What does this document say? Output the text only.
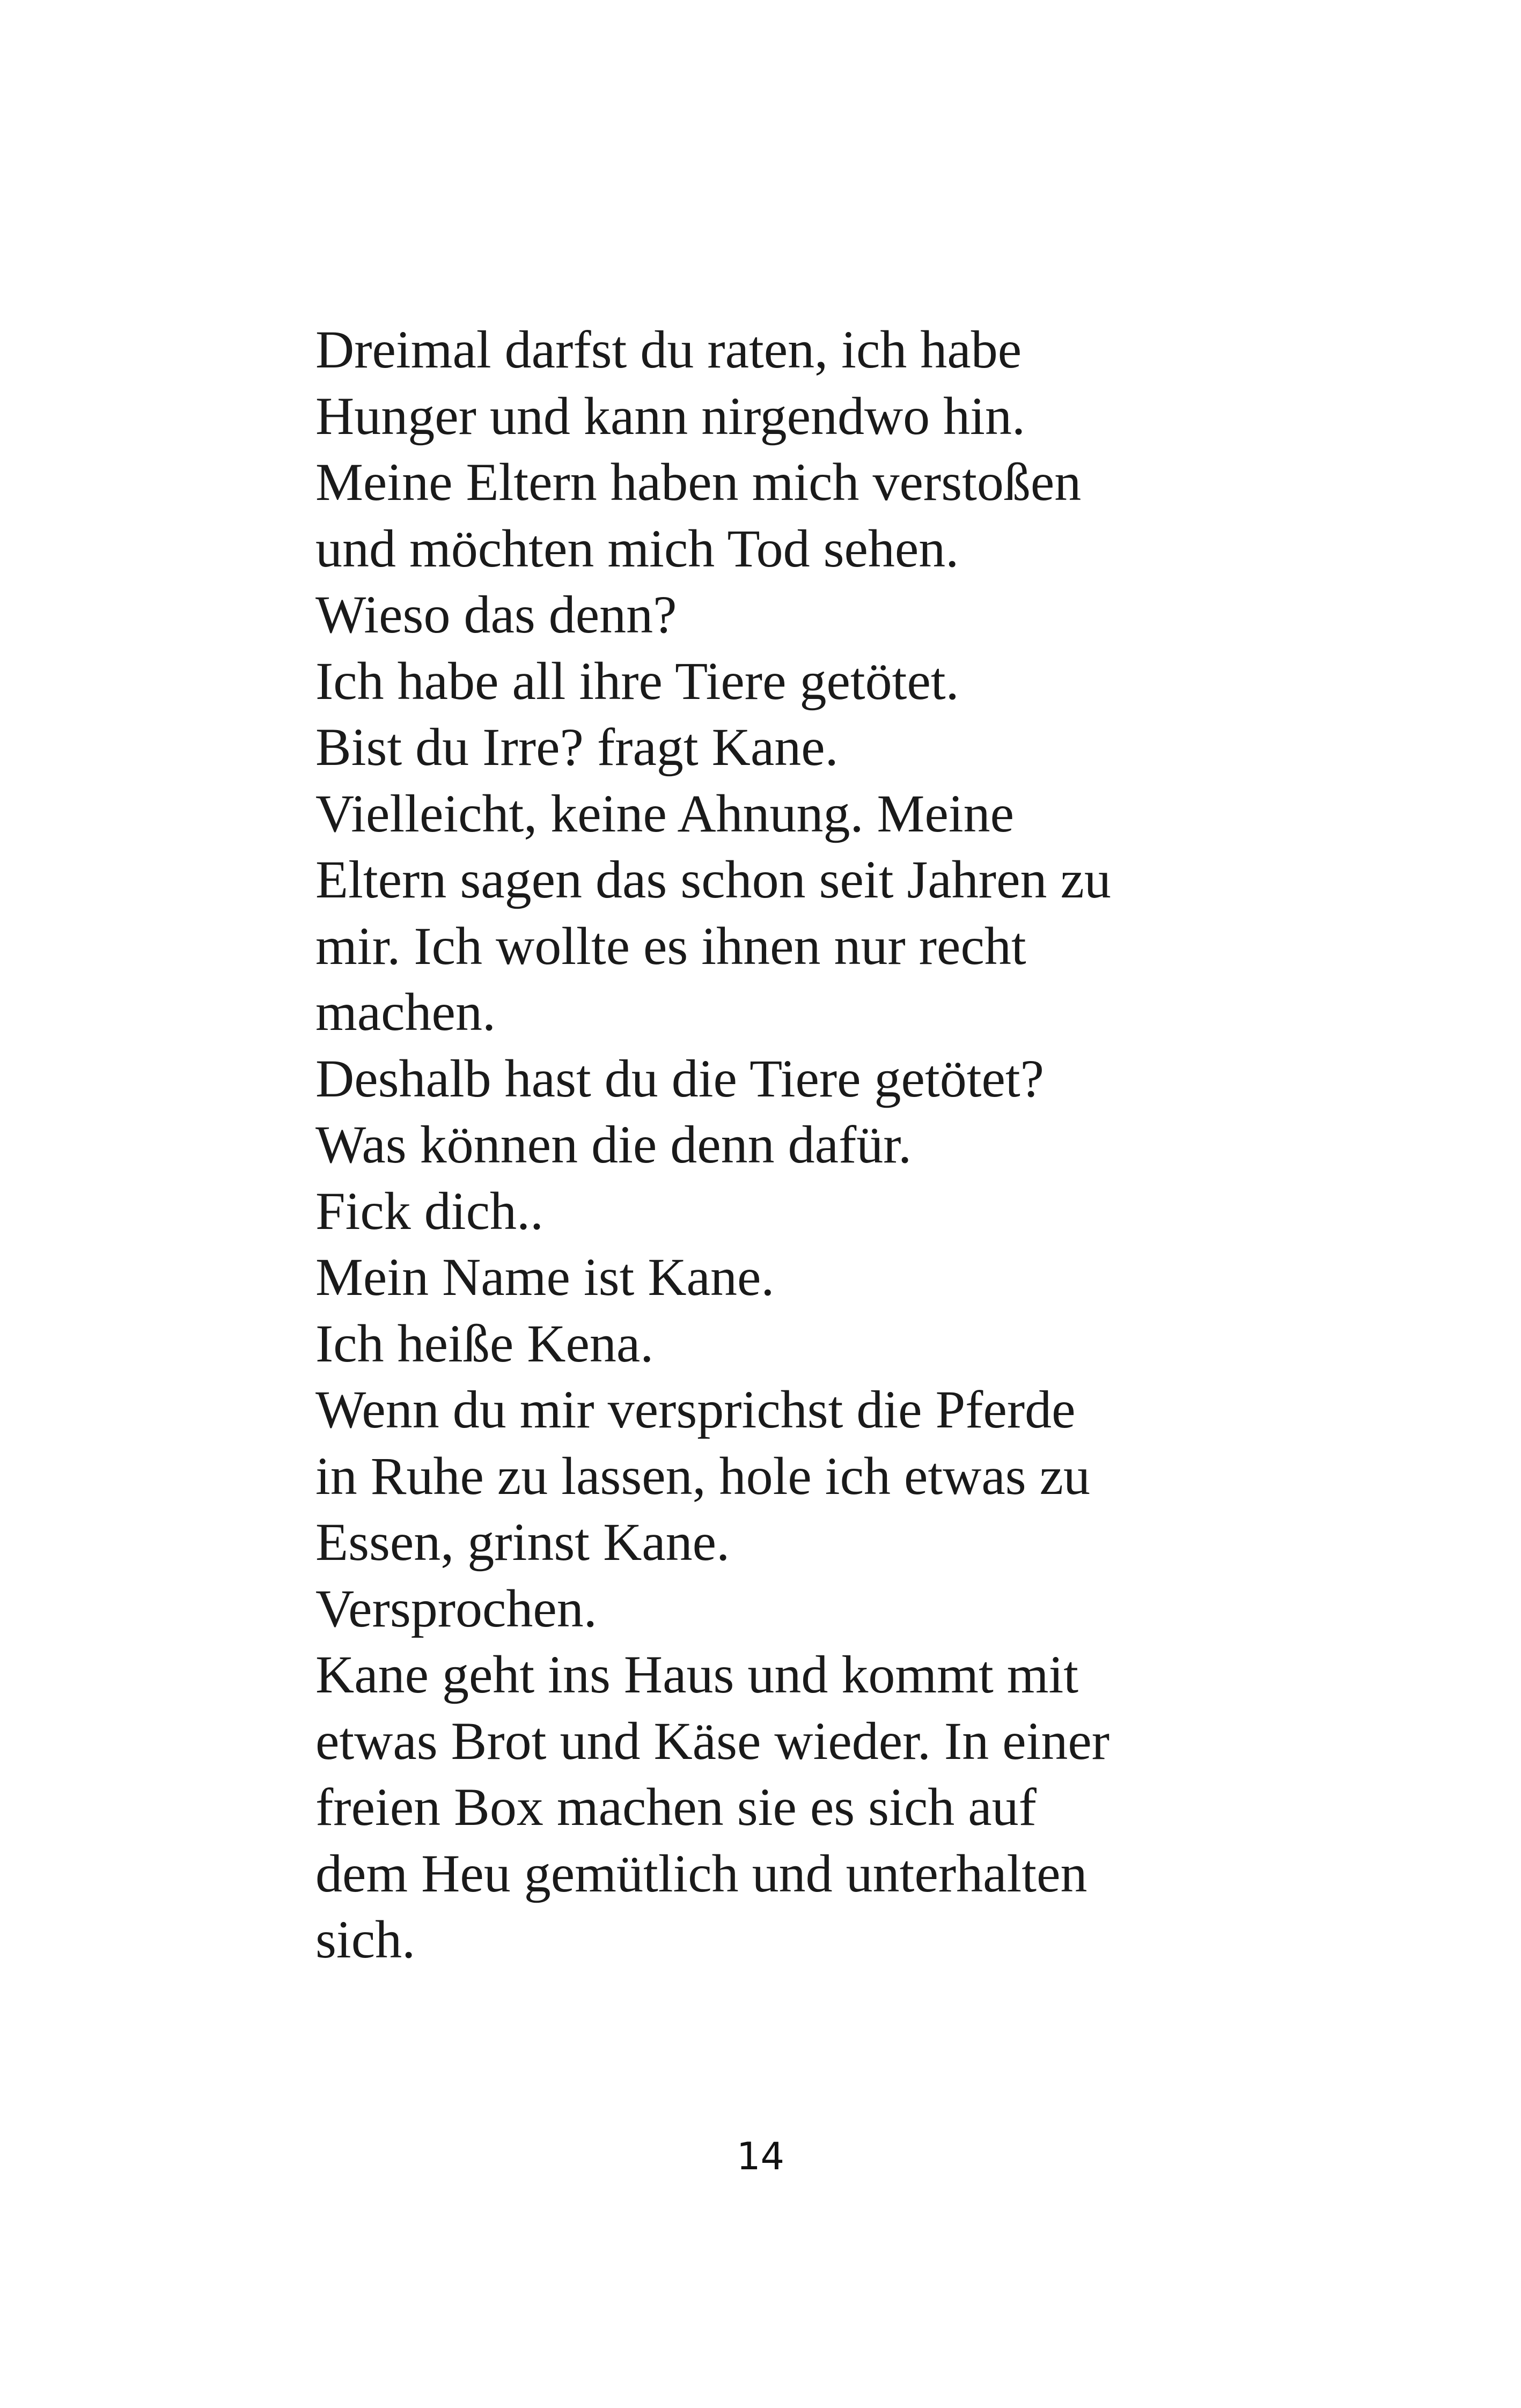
Dreimal darfst du raten, ich habe
Hunger und kann nirgendwo hin.
Meine Eltern haben mich verstoßen
und möchten mich Tod sehen.
Wieso das denn?
Ich habe all ihre Tiere getötet.
Bist du Irre? fragt Kane.
Vielleicht, keine Ahnung. Meine
Eltern sagen das schon seit Jahren zu
mir. Ich wollte es ihnen nur recht
machen.
Deshalb hast du die Tiere getötet?
Was können die denn dafür.
Fick dich..
Mein Name ist Kane.
Ich heiße Kena.
Wenn du mir versprichst die Pferde
in Ruhe zu lassen, hole ich etwas zu
Essen, grinst Kane.
Versprochen.
Kane geht ins Haus und kommt mit
etwas Brot und Käse wieder. In einer
freien Box machen sie es sich auf
dem Heu gemütlich und unterhalten
sich.
14
